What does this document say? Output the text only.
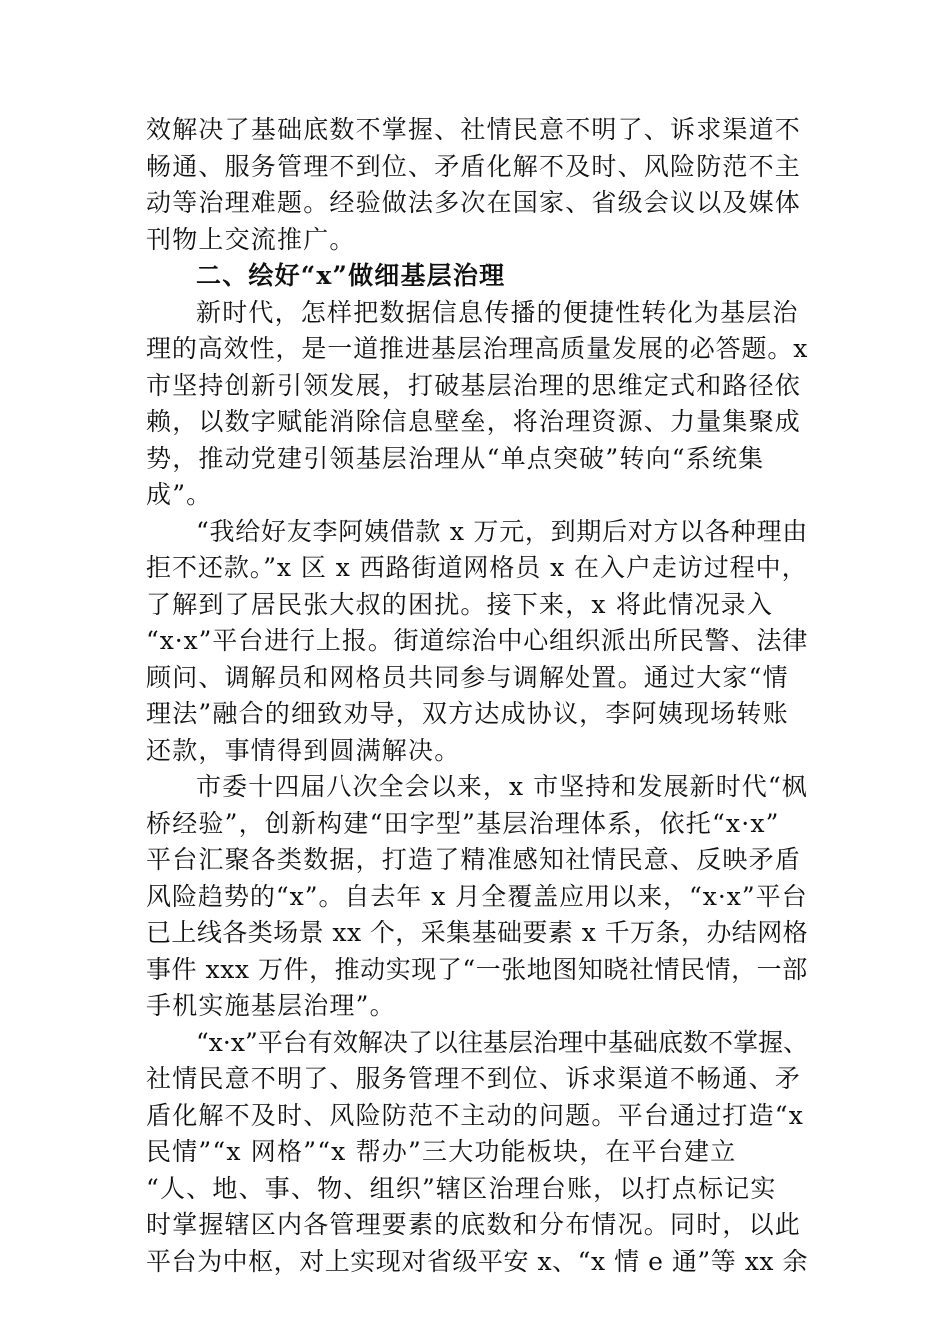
效解决了基础底数不掌握、社情民意不明了、诉求渠道不
畅通、服务管理不到位、矛盾化解不及时、风险防范不主
动等治理难题。经验做法多次在国家、省级会议以及媒体
刊物上交流推广。
二、绘好“x”做细基层治理
新时代，怎样把数据信息传播的便捷性转化为基层治
理的高效性，是一道推进基层治理高质量发展的必答题。x
市坚持创新引领发展，打破基层治理的思维定式和路径依
赖，以数字赋能消除信息壁垒，将治理资源、力量集聚成
势，推动党建引领基层治理从“单点突破”转向“系统集
成”。
“我给好友李阿姨借款 x 万元，到期后对方以各种理由
拒不还款。”x 区 x 西路街道网格员 x 在入户走访过程中，
了解到了居民张大叔的困扰。接下来，x 将此情况录入
“x·x”平台进行上报。街道综治中心组织派出所民警、法律
顾问、调解员和网格员共同参与调解处置。通过大家“情
理法”融合的细致劝导，双方达成协议，李阿姨现场转账
还款，事情得到圆满解决。
市委十四届八次全会以来，x 市坚持和发展新时代“枫
桥经验”，创新构建“田字型”基层治理体系，依托“x·x”
平台汇聚各类数据，打造了精准感知社情民意、反映矛盾
风险趋势的“x”。自去年 x 月全覆盖应用以来，“x·x”平台
已上线各类场景 xx 个，采集基础要素 x 千万条，办结网格
事件 xxx 万件，推动实现了“一张地图知晓社情民情，一部
手机实施基层治理”。
“x·x”平台有效解决了以往基层治理中基础底数不掌握、
社情民意不明了、服务管理不到位、诉求渠道不畅通、矛
盾化解不及时、风险防范不主动的问题。平台通过打造“x
民情”“x 网格”“x 帮办”三大功能板块，在平台建立
“人、地、事、物、组织”辖区治理台账，以打点标记实
时掌握辖区内各管理要素的底数和分布情况。同时，以此
平台为中枢，对上实现对省级平安 x、“x 情 e 通”等 xx 余
